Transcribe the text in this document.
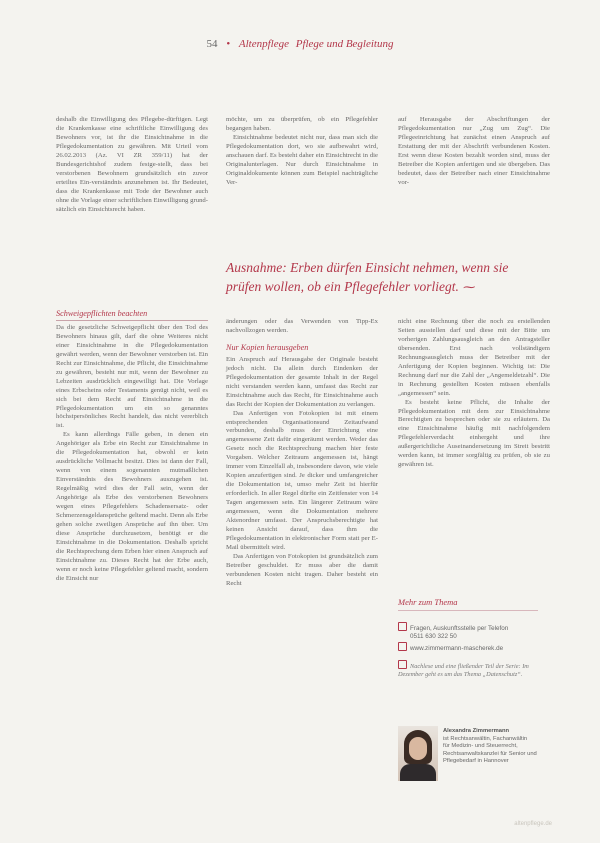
54 • Altenpflege Pflege und Begleitung

deshalb die Einwilligung des Pflegebe-dürftigen. Legt die Krankenkasse eine schriftliche Einwilligung des Bewohners vor, ist ihr die Einsichtnahme in die Pflegedokumentation zu gewähren. Mit Urteil vom 26.02.2013 (Az. VI ZR 359/11) hat der Bundesgerichtshof zudem festge-stellt, dass bei verstorbenen Bewohnern grundsätzlich ein zuvor erteiltes Ein-verständnis anzunehmen ist. Ihr Bedeutet, dass die Krankenkasse mit Tode der Bewohner auch ohne die Vorlage einer schriftlichen Einwilligung grund-sätzlich ein Einsichtsrecht haben.

möchte, um zu überprüfen, ob ein Pflegefehler begangen haben.

Einsichtnahme bedeutet nicht nur, dass man sich die Pflegedokumentation dort, wo sie aufbewahrt wird, anschauen darf. Es besteht daher ein Einsichtrecht in die Originalunterlagen. Nur durch Einsichtnahme in Originaldokumente können zum Beispiel nachträgliche Ver-

auf Herausgabe der Abschriftungen der Pflegedokumentation nur „Zug um Zug“. Die Pflegeeinrichtung hat zunächst einen Anspruch auf Erstattung der mit der Abschrift verbundenen Kosten. Erst wenn diese Kosten bezahlt worden sind, muss der Betreiber die Kopien anfertigen und sie übergeben. Das bedeutet, dass der Betreiber nach einer Einsichtnahme vor-

Ausnahme: Erben dürfen Einsicht nehmen, wenn sie prüfen wollen, ob ein Pflegefehler vorliegt. ⁓
Schweigepflichten beachten

Da die gesetzliche Schweigepflicht über den Tod des Bewohners hinaus gilt, darf die ohne Weiteres nicht einer Einsichtnahme in die Pflegedokumentation gewährt werden, wenn der Bewohner verstorben ist. Ein Recht zur Einsichtnahme, die Pflicht, die Einsichtnahme zu gewähren, besteht nur mit, wenn der Bewohner zu Lebzeiten ausdrücklich eingewilligt hat. Die Vorlage eines Erbscheins oder Testaments genügt nicht, weil es sich bei dem Recht auf Einsichtnahme in die Pflegedokumentation um ein so genanntes höchstpersönliches Recht handelt, das nicht vererblich ist.

Es kann allerdings Fälle geben, in denen ein Angehöriger als Erbe ein Recht zur Einsichtnahme in die Pflegedokumentation hat, obwohl er kein ausdrückliche Vollmacht besitzt. Dies ist dann der Fall, wenn von einem sogenannten mutmaßlichen Einverständnis des Bewohners auszugehen ist. Regelmäßig wird dies der Fall sein, wenn der Angehörige als Erbe des verstorbenen Bewohners wegen eines Pflegefehlers Schadensersatz- oder Schmerzensgeldansprüche geltend macht. Denn als Erbe gehen solche zweiligen Ansprüche auf ihn über. Um diese Ansprüche durchzusetzen, benötigt er die Einsichtnahme in die Dokumentation. Deshalb spricht die Rechtsprechung dem Erben hier einen Anspruch auf Einsichtnahme zu. Dieses Recht hat der Erbe auch, wenn er noch keine Pflegefehler geltend macht, sondern die Einsicht nur

änderungen oder das Verwenden von Tipp-Ex nachvollzogen werden.

Nur Kopien herausgeben

Ein Anspruch auf Herausgabe der Originale besteht jedoch nicht. Da allein durch Eindenken der Pflegedokumentation der gesamte Inhalt in der Regel nicht verstanden werden kann, umfasst das Recht zur Einsichtnahme auch das Recht, für Einsichtnahme auch das Recht der Kopien der Dokumentation zu verlangen.

Das Anfertigen von Fotokopien ist mit einem entsprechenden Organisationsund Zeitaufwand verbunden, deshalb muss der Einrichtung eine angemessene Zeit dafür eingeräumt werden. Weder das Gesetz noch die Rechtsprechung machen hier feste Vorgaben. Welcher Zeitraum angemessen ist, hängt immer vom Einzelfall ab, insbesondere davon, wie viele Kopien anzufertigen sind. Je dicker und umfangreicher die Dokumentation ist, umso mehr Zeit ist hierfür erforderlich. In aller Regel dürfte ein Zeitfenster von 14 Tagen angemessen sein. Ein längerer Zeitraum wäre angemessen, wenn die Dokumentation mehrere Aktenordner umfasst. Der Anspruchsberechtigte hat keinen Ansicht darauf, dass ihm die Pflegedokumentation in elektronischer Form statt per E-Mail übermittelt wird.

Das Anfertigen von Fotokopien ist grundsätzlich zum Betreiber geschuldet. Er muss aber die damit verbundenen Kosten nicht tragen. Daher besteht ein Recht

nicht eine Rechnung über die noch zu erstellenden Seiten ausstellen darf und diese mit der Bitte um vorherigen Zahlungsausgleich an den Antragsteller übersenden. Erst nach vollständigem Rechnungsausgleich muss der Betreiber mit der Anfertigung der Kopien beginnen. Wichtig ist: Die Rechnung darf nur die Zahl der „Angemeldetzahl“. Die in Rechnung gestellten Kosten müssen ebenfalls „angemessen“ sein.

Es besteht keine Pflicht, die Inhalte der Pflegedokumentation mit dem zur Einsichtnahme Berechtigten zu besprechen oder sie zu erläutern. Da eine Einsichtnahme häufig mit nachfolgendem Pflegefehlerverdacht einhergeht und ihre außergerichtliche Auseinandersetzung im Streit bestritt werden kann, ist immer sorgfältig zu prüfen, ob sie zu gewähren ist.

Mehr zum Thema
Fragen, Auskunftsstelle per Telefon
0511 630 322 50
www.zimmermann-mascherek.de
Nachlese und eine fließender Teil der Serie: Im Dezember geht es um das Thema „Datenschutz“.
Alexandra Zimmermann
ist Rechtsanwältin, Fachanwältin
für Medizin- und Steuerrecht,
Rechtsanwaltskanzlei für Senior und
Pflegebedarf in Hannover
altenpflege.de
